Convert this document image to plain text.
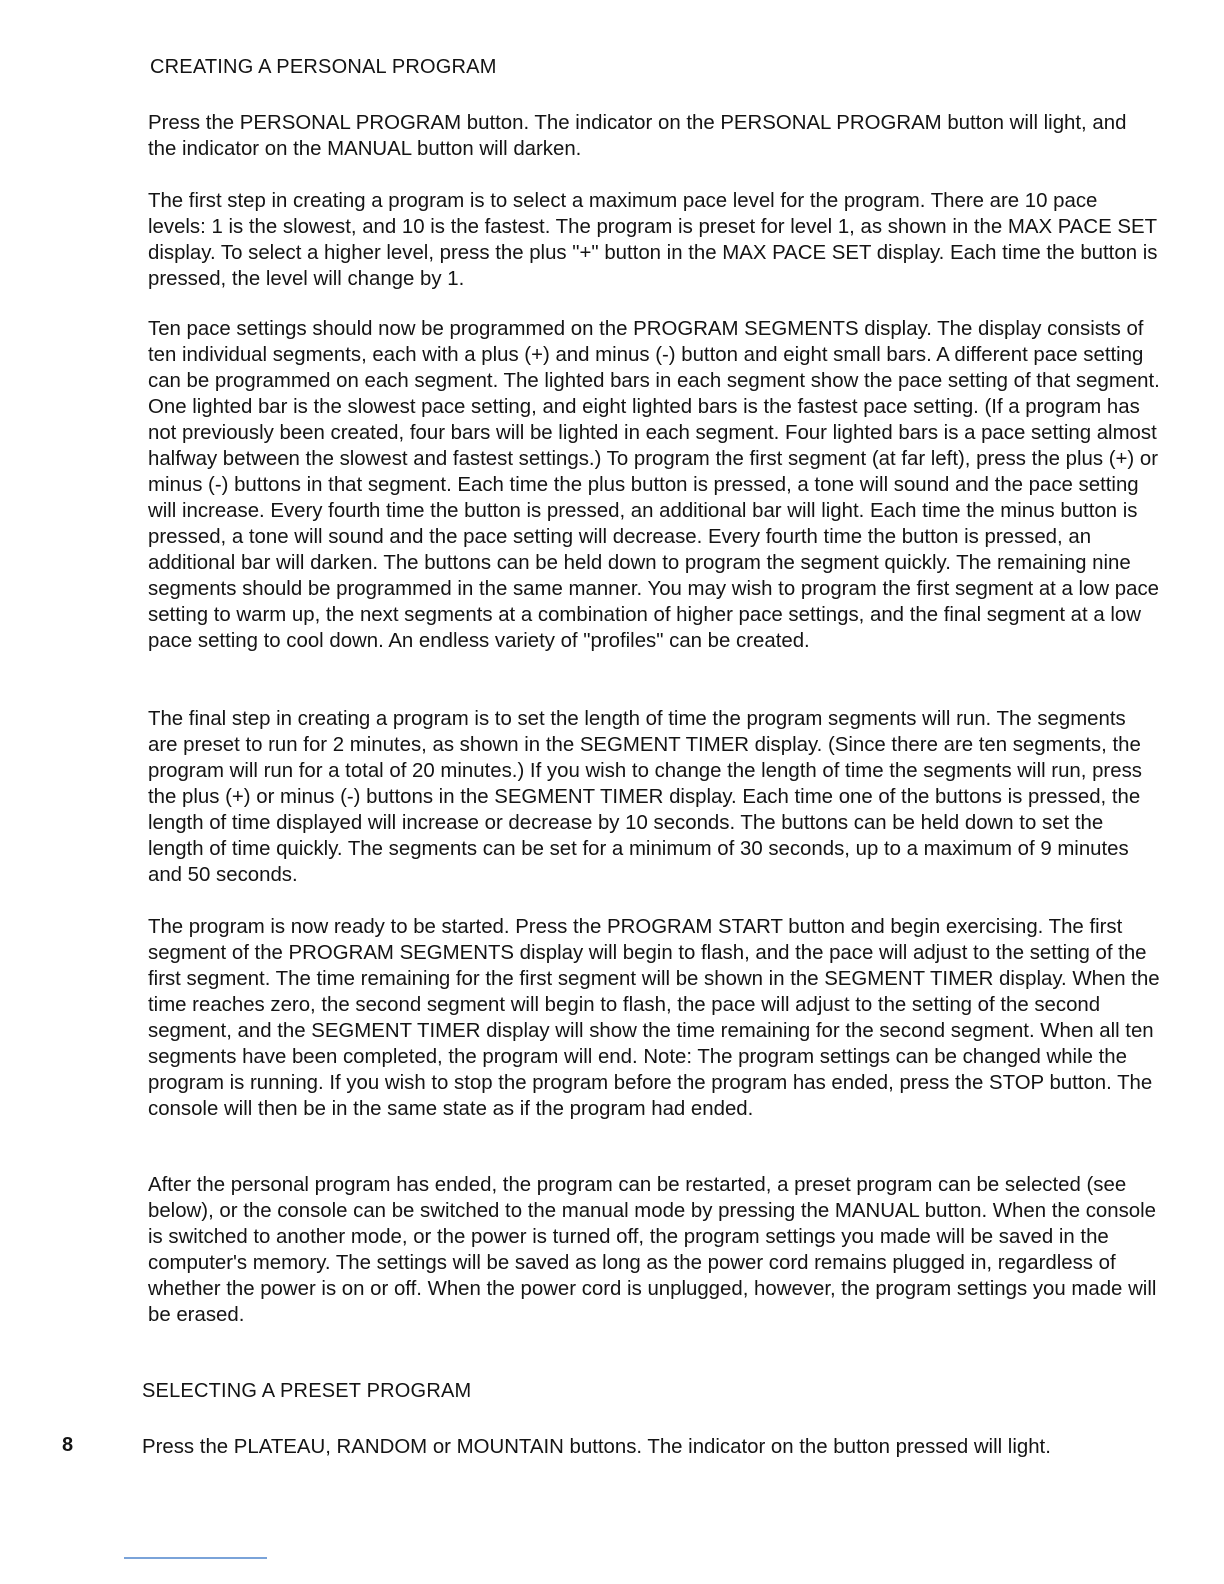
CREATING A PERSONAL PROGRAM

Press the PERSONAL PROGRAM button. The indicator on the PERSONAL PROGRAM button will light, and the indicator on the MANUAL button will darken.

The first step in creating a program is to select a maximum pace level for the program. There are 10 pace levels: 1 is the slowest, and 10 is the fastest. The program is preset for level 1, as shown in the MAX PACE SET display. To select a higher level, press the plus "+" button in the MAX PACE SET display. Each time the button is pressed, the level will change by 1.

Ten pace settings should now be programmed on the PROGRAM SEGMENTS display. The display consists of ten individual segments, each with a plus (+) and minus (-) button and eight small bars. A different pace setting can be programmed on each segment. The lighted bars in each segment show the pace setting of that segment. One lighted bar is the slowest pace setting, and eight lighted bars is the fastest pace setting. (If a program has not previously been created, four bars will be lighted in each segment. Four lighted bars is a pace setting almost halfway between the slowest and fastest settings.) To program the first segment (at far left), press the plus (+) or minus (-) buttons in that segment. Each time the plus button is pressed, a tone will sound and the pace setting will increase. Every fourth time the button is pressed, an additional bar will light. Each time the minus button is pressed, a tone will sound and the pace setting will decrease. Every fourth time the button is pressed, an additional bar will darken. The buttons can be held down to program the segment quickly. The remaining nine segments should be programmed in the same manner. You may wish to program the first segment at a low pace setting to warm up, the next segments at a combination of higher pace settings, and the final segment at a low pace setting to cool down. An endless variety of "profiles" can be created.

The final step in creating a program is to set the length of time the program segments will run. The segments are preset to run for 2 minutes, as shown in the SEGMENT TIMER display. (Since there are ten segments, the program will run for a total of 20 minutes.) If you wish to change the length of time the segments will run, press the plus (+) or minus (-) buttons in the SEGMENT TIMER display. Each time one of the buttons is pressed, the length of time displayed will increase or decrease by 10 seconds. The buttons can be held down to set the length of time quickly. The segments can be set for a minimum of 30 seconds, up to a maximum of 9 minutes and 50 seconds.

The program is now ready to be started. Press the PROGRAM START button and begin exercising. The first segment of the PROGRAM SEGMENTS display will begin to flash, and the pace will adjust to the setting of the first segment. The time remaining for the first segment will be shown in the SEGMENT TIMER display. When the time reaches zero, the second segment will begin to flash, the pace will adjust to the setting of the second segment, and the SEGMENT TIMER display will show the time remaining for the second segment. When all ten segments have been completed, the program will end. Note: The program settings can be changed while the program is running. If you wish to stop the program before the program has ended, press the STOP button. The console will then be in the same state as if the program had ended.

After the personal program has ended, the program can be restarted, a preset program can be selected (see below), or the console can be switched to the manual mode by pressing the MANUAL button. When the console is switched to another mode, or the power is turned off, the program settings you made will be saved in the computer's memory. The settings will be saved as long as the power cord remains plugged in, regardless of whether the power is on or off. When the power cord is unplugged, however, the program settings you made will be erased.

SELECTING A PRESET PROGRAM
8	Press the PLATEAU, RANDOM or MOUNTAIN buttons. The indicator on the button pressed will light.
